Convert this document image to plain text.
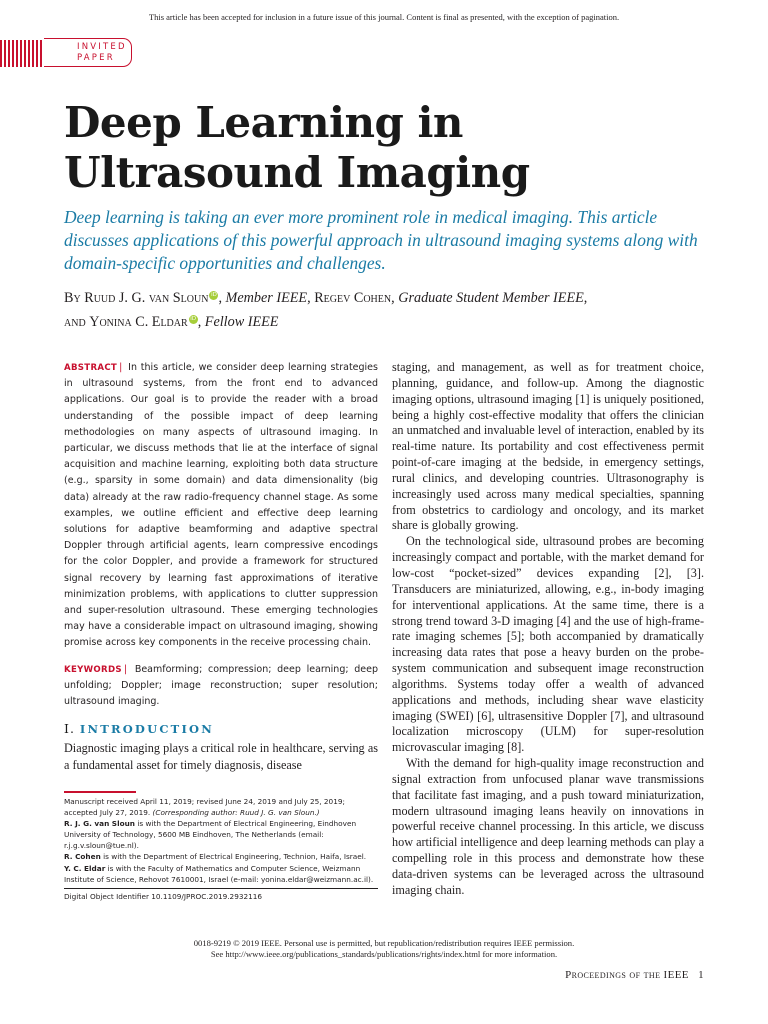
This article has been accepted for inclusion in a future issue of this journal. Content is final as presented, with the exception of pagination.
INVITED
PAPER
Deep Learning in Ultrasound Imaging

Deep learning is taking an ever more prominent role in medical imaging. This article discusses applications of this powerful approach in ultrasound imaging systems along with domain-specific opportunities and challenges.

By Ruud J. G. van Sloun iD , Member IEEE, Regev Cohen, Graduate Student Member IEEE,
and Yonina C. Eldar iD , Fellow IEEE

ABSTRACT | In this article, we consider deep learning strategies in ultrasound systems, from the front end to advanced applications. Our goal is to provide the reader with a broad understanding of the possible impact of deep learning methodologies on many aspects of ultrasound imaging. In particular, we discuss methods that lie at the interface of signal acquisition and machine learning, exploiting both data structure (e.g., sparsity in some domain) and data dimensionality (big data) already at the raw radio-frequency channel stage. As some examples, we outline efficient and effective deep learning solutions for adaptive beamforming and adaptive spectral Doppler through artificial agents, learn compressive encodings for the color Doppler, and provide a framework for structured signal recovery by learning fast approximations of iterative minimization problems, with applications to clutter suppression and super-resolution ultrasound. These emerging technologies may have a considerable impact on ultrasound imaging, showing promise across key components in the receive processing chain.

KEYWORDS | Beamforming; compression; deep learning; deep unfolding; Doppler; image reconstruction; super resolution; ultrasound imaging.

I. INTRODUCTION

Diagnostic imaging plays a critical role in healthcare, serving as a fundamental asset for timely diagnosis, disease

staging, and management, as well as for treatment choice, planning, guidance, and follow-up. Among the diagnostic imaging options, ultrasound imaging [1] is uniquely positioned, being a highly cost-effective modality that offers the clinician an unmatched and invaluable level of interaction, enabled by its real-time nature. Its portability and cost effectiveness permit point-of-care imaging at the bedside, in emergency settings, rural clinics, and developing countries. Ultrasonography is increasingly used across many medical specialties, spanning from obstetrics to cardiology and oncology, and its market share is globally growing.

On the technological side, ultrasound probes are becoming increasingly compact and portable, with the market demand for low-cost “pocket-sized” devices expanding [2], [3]. Transducers are miniaturized, allowing, e.g., in-body imaging for interventional applications. At the same time, there is a strong trend toward 3-D imaging [4] and the use of high-frame-rate imaging schemes [5]; both accompanied by dramatically increasing data rates that pose a heavy burden on the probe-system communication and subsequent image reconstruction algorithms. Systems today offer a wealth of advanced applications and methods, including shear wave elasticity imaging (SWEI) [6], ultrasensitive Doppler [7], and ultrasound localization microscopy (ULM) for super-resolution microvascular imaging [8].

With the demand for high-quality image reconstruction and signal extraction from unfocused planar wave transmissions that facilitate fast imaging, and a push toward miniaturization, modern ultrasound imaging leans heavily on innovations in powerful receive channel processing. In this article, we discuss how artificial intelligence and deep learning methods can play a compelling role in this process and demonstrate how these data-driven systems can be leveraged across the ultrasound imaging chain.

Manuscript received April 11, 2019; revised June 24, 2019 and July 25, 2019; accepted July 27, 2019. (Corresponding author: Ruud J. G. van Sloun.)

R. J. G. van Sloun is with the Department of Electrical Engineering, Eindhoven University of Technology, 5600 MB Eindhoven, The Netherlands (email: r.j.g.v.sloun@tue.nl).

R. Cohen is with the Department of Electrical Engineering, Technion, Haifa, Israel.

Y. C. Eldar is with the Faculty of Mathematics and Computer Science, Weizmann Institute of Science, Rehovot 7610001, Israel (e-mail: yonina.eldar@weizmann.ac.il).

Digital Object Identifier 10.1109/JPROC.2019.2932116

0018-9219 © 2019 IEEE. Personal use is permitted, but republication/redistribution requires IEEE permission.
See http://www.ieee.org/publications_standards/publications/rights/index.html for more information.
Proceedings of the IEEE 1
